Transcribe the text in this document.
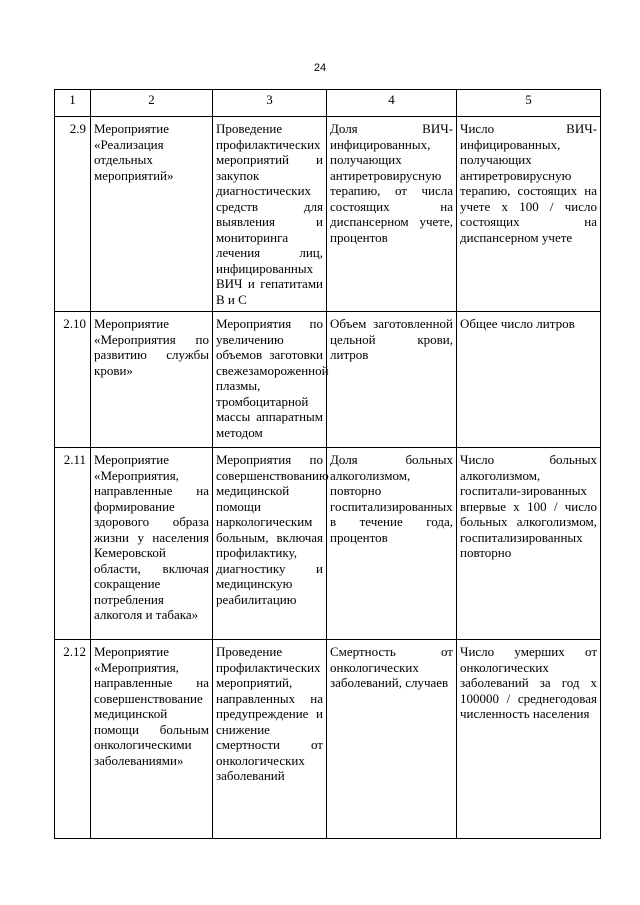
24
1	2	3	4	5
2.9	Мероприятие «Реализация отдельных мероприятий»	Проведение профилактических мероприятий и закупок диагностических средств для выявления и мониторинга лечения лиц, инфицированных ВИЧ и гепатитами В и С	Доля ВИЧ-инфицированных, получающих антиретровирусную терапию, от числа состоящих на диспансерном учете, процентов	Число ВИЧ-инфицированных, получающих антиретровирусную терапию, состоящих на учете х 100 / число состоящих на диспансерном учете
2.10	Мероприятие «Мероприятия по развитию службы крови»	Мероприятия по увеличению объемов заготовки свежезамороженной плазмы, тромбоцитарной массы аппаратным методом	Объем заготовленной цельной крови, литров	Общее число литров
2.11	Мероприятие «Мероприятия, направленные на формирование здорового образа жизни у населения Кемеровской области, включая сокращение потребления алкоголя и табака»	Мероприятия по совершенствованию медицинской помощи наркологическим больным, включая профилактику, диагностику и медицинскую реабилитацию	Доля больных алкоголизмом, повторно госпитализированных в течение года, процентов	Число больных алкоголизмом, госпитали-зированных впервые х 100 / число больных алкоголизмом, госпитализированных повторно
2.12	Мероприятие «Мероприятия, направленные на совершенствование медицинской помощи больным онкологическими заболеваниями»	Проведение профилактических мероприятий, направленных на предупреждение и снижение смертности от онкологических заболеваний	Смертность от онкологических заболеваний, случаев	Число умерших от онкологических заболеваний за год х 100000 / среднегодовая численность населения
